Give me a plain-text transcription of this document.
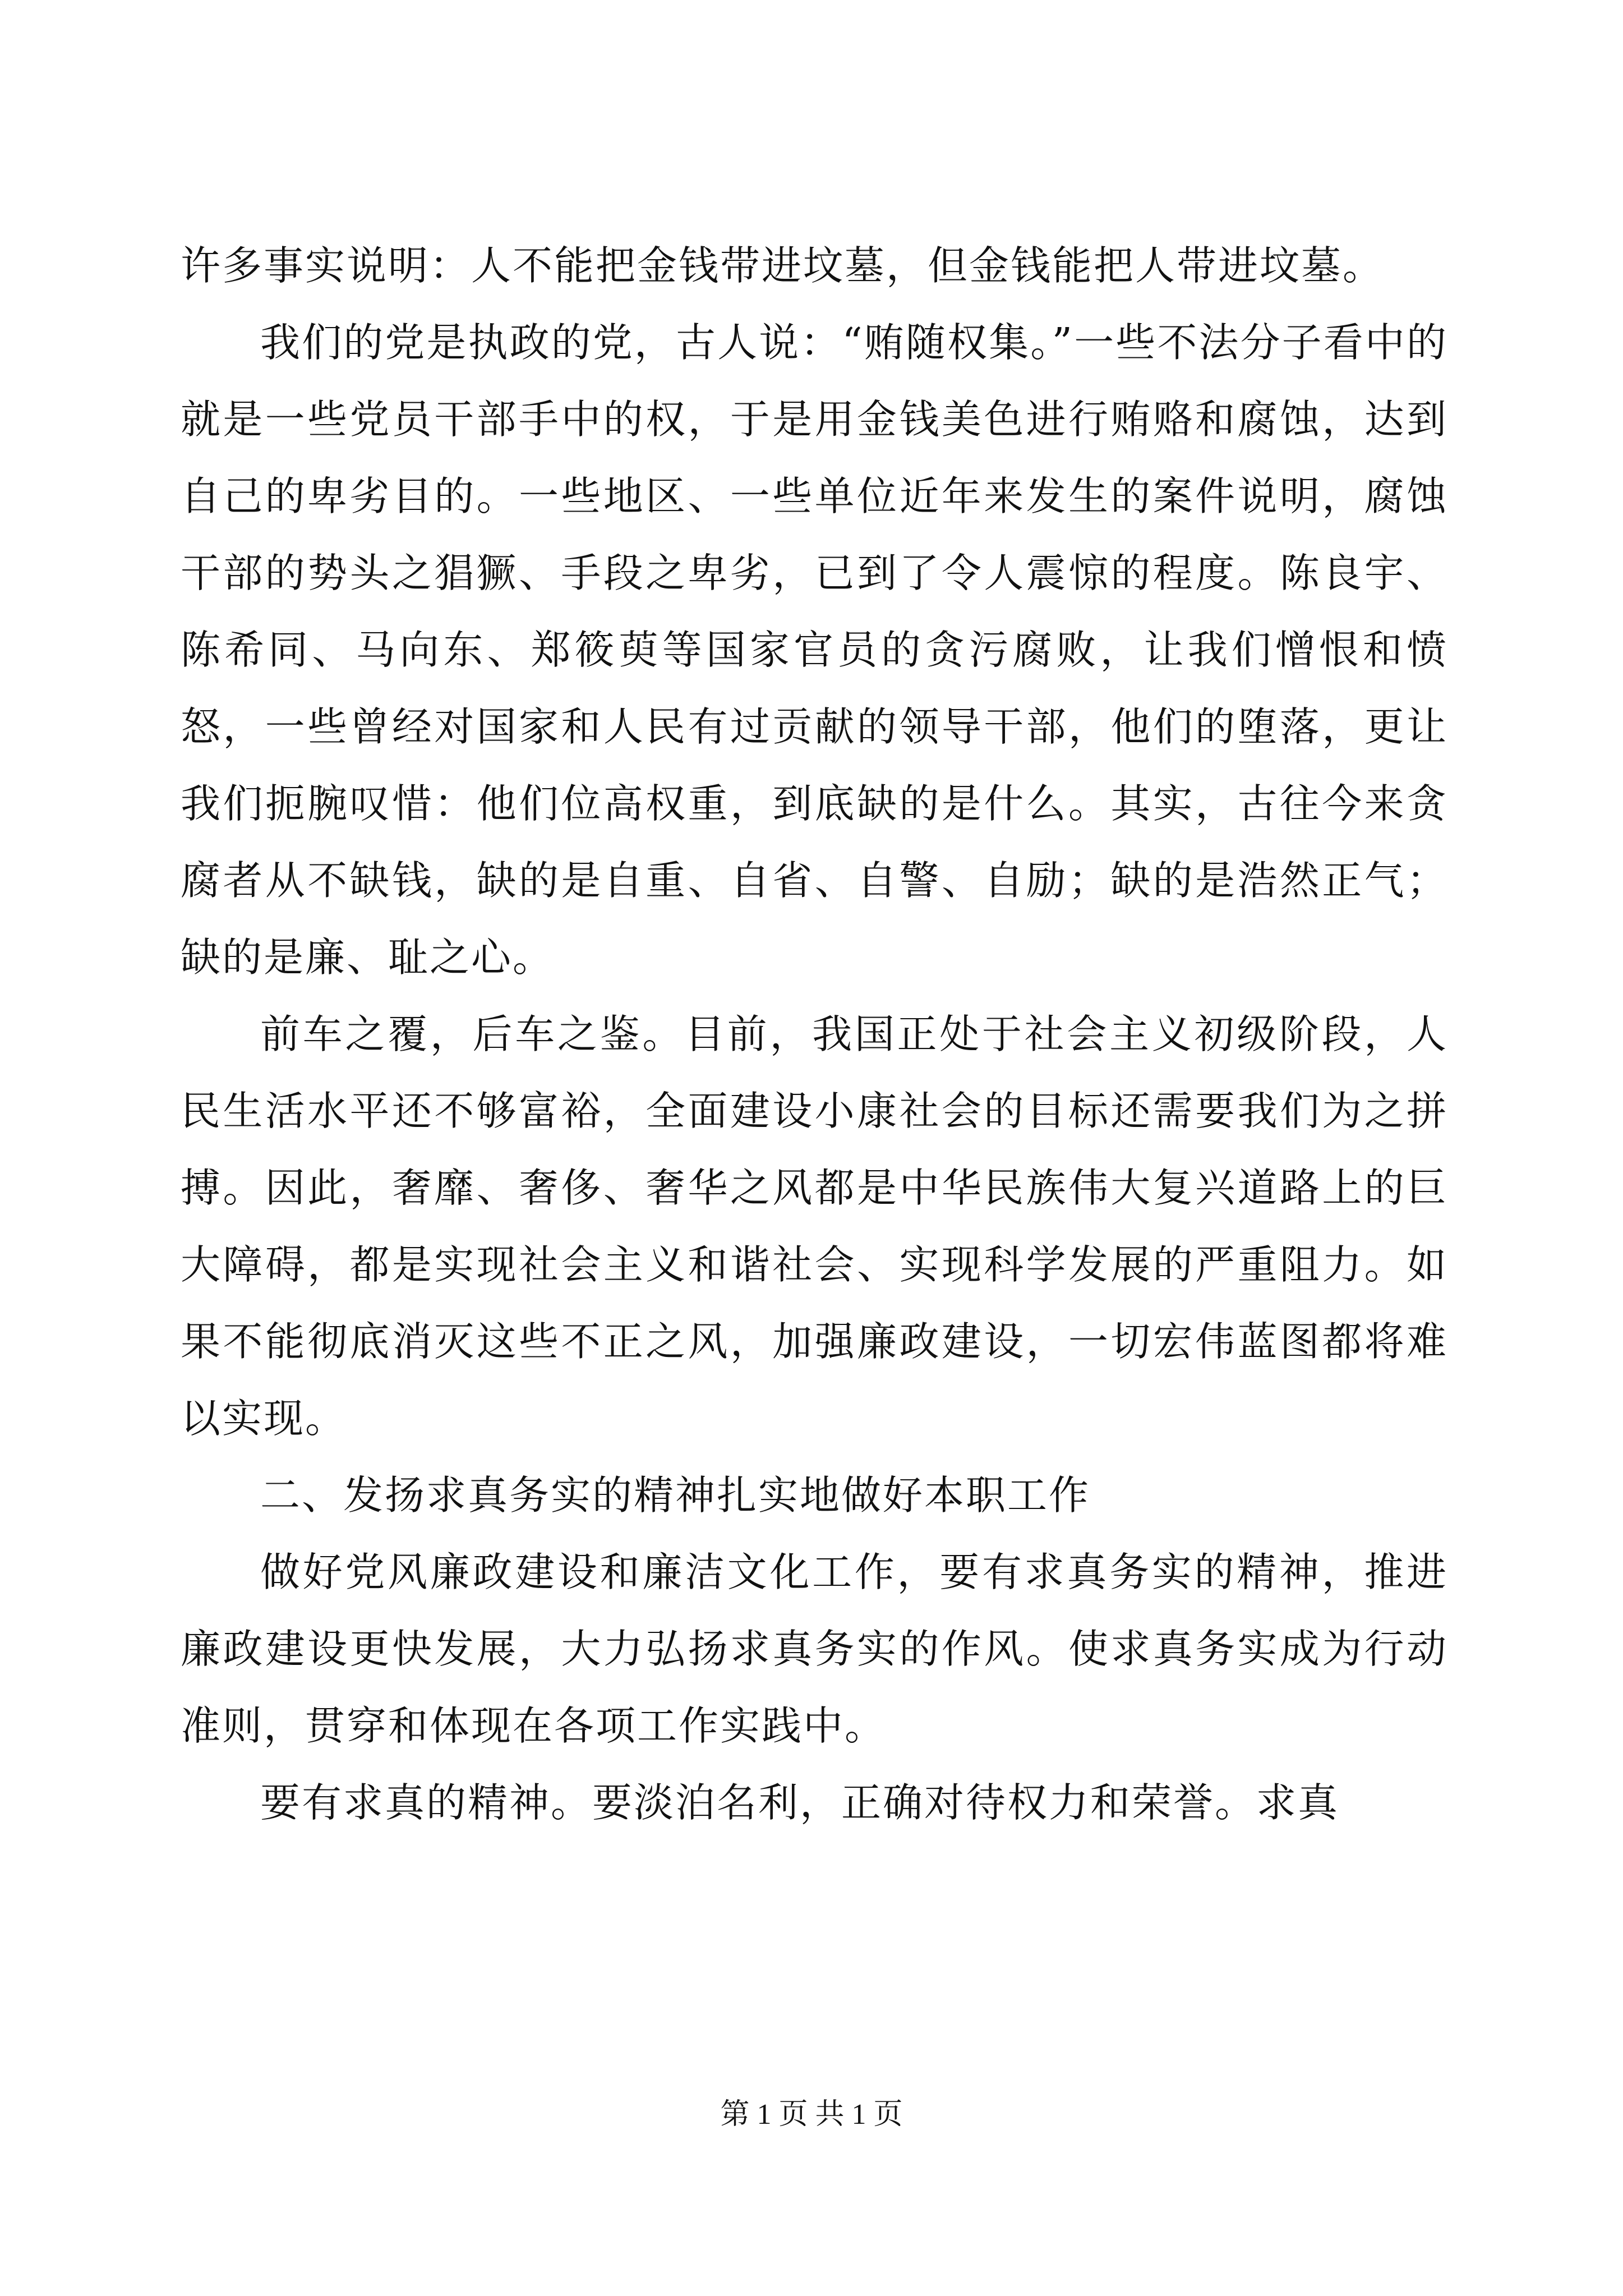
许多事实说明：人不能把金钱带进坟墓，但金钱能把人带进坟墓。

我们的党是执政的党，古人说：“贿随权集。”一些不法分子看中的就是一些党员干部手中的权，于是用金钱美色进行贿赂和腐蚀，达到自己的卑劣目的。一些地区、一些单位近年来发生的案件说明，腐蚀干部的势头之猖獗、手段之卑劣，已到了令人震惊的程度。陈良宇、陈希同、马向东、郑筱萸等国家官员的贪污腐败，让我们憎恨和愤怒，一些曾经对国家和人民有过贡献的领导干部，他们的堕落，更让我们扼腕叹惜：他们位高权重，到底缺的是什么。其实，古往今来贪腐者从不缺钱，缺的是自重、自省、自警、自励；缺的是浩然正气；缺的是廉、耻之心。

前车之覆，后车之鉴。目前，我国正处于社会主义初级阶段，人民生活水平还不够富裕，全面建设小康社会的目标还需要我们为之拼搏。因此，奢靡、奢侈、奢华之风都是中华民族伟大复兴道路上的巨大障碍，都是实现社会主义和谐社会、实现科学发展的严重阻力。如果不能彻底消灭这些不正之风，加强廉政建设，一切宏伟蓝图都将难以实现。

二、发扬求真务实的精神扎实地做好本职工作

做好党风廉政建设和廉洁文化工作，要有求真务实的精神，推进廉政建设更快发展，大力弘扬求真务实的作风。使求真务实成为行动准则，贯穿和体现在各项工作实践中。

要有求真的精神。要淡泊名利，正确对待权力和荣誉。求真

第 1 页 共 1 页
